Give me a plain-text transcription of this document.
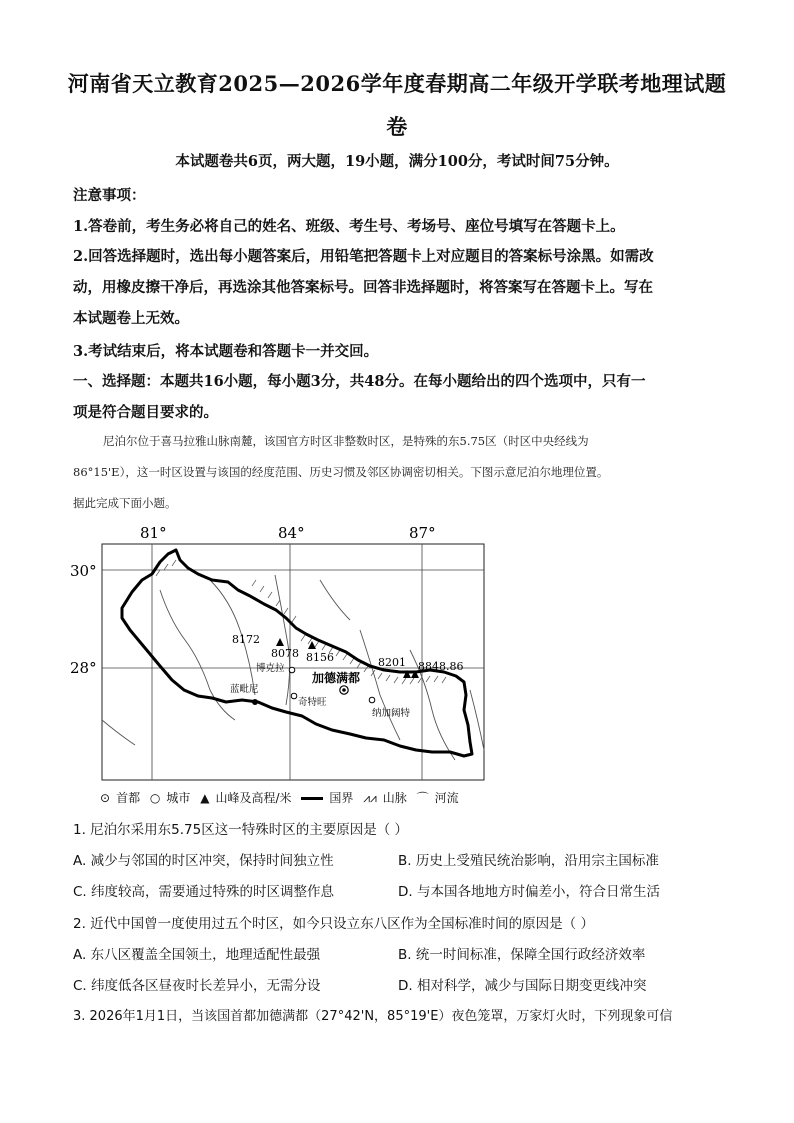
河南省天立教育2025—2026学年度春期高二年级开学联考地理试题
卷
本试题卷共6页，两大题，19小题，满分100分，考试时间75分钟。
注意事项：
1.答卷前，考生务必将自己的姓名、班级、考生号、考场号、座位号填写在答题卡上。
2.回答选择题时，选出每小题答案后，用铅笔把答题卡上对应题目的答案标号涂黑。如需改
动，用橡皮擦干净后，再选涂其他答案标号。回答非选择题时，将答案写在答题卡上。写在
本试题卷上无效。
3.考试结束后，将本试题卷和答题卡一并交回。
一、选择题：本题共16小题，每小题3分，共48分。在每小题给出的四个选项中，只有一
项是符合题目要求的。
尼泊尔位于喜马拉雅山脉南麓，该国官方时区非整数时区，是特殊的东5.75区（时区中央经线为
86°15'E），这一时区设置与该国的经度范围、历史习惯及邻区协调密切相关。下图示意尼泊尔地理位置。
据此完成下面小题。
81°	84°	87°
30°
28°
8172
8078 8156	8201 8848.86
博克拉
蓝毗尼
奇特旺
纳加阔特
加德满都
⊙ 首都 ○ 城市 ▲ 山峰及高程/米	国界 ⩘⩘ 山脉 ⌒ 河流
1. 尼泊尔采用东5.75区这一特殊时区的主要原因是（ ）
A. 减少与邻国的时区冲突，保持时间独立性	B. 历史上受殖民统治影响，沿用宗主国标准
C. 纬度较高，需要通过特殊的时区调整作息	D. 与本国各地地方时偏差小，符合日常生活
2. 近代中国曾一度使用过五个时区，如今只设立东八区作为全国标准时间的原因是（ ）
A. 东八区覆盖全国领土，地理适配性最强	B. 统一时间标准，保障全国行政经济效率
C. 纬度低各区昼夜时长差异小，无需分设	D. 相对科学，减少与国际日期变更线冲突
3. 2026年1月1日，当该国首都加德满都（27°42'N，85°19'E）夜色笼罩，万家灯火时，下列现象可信
